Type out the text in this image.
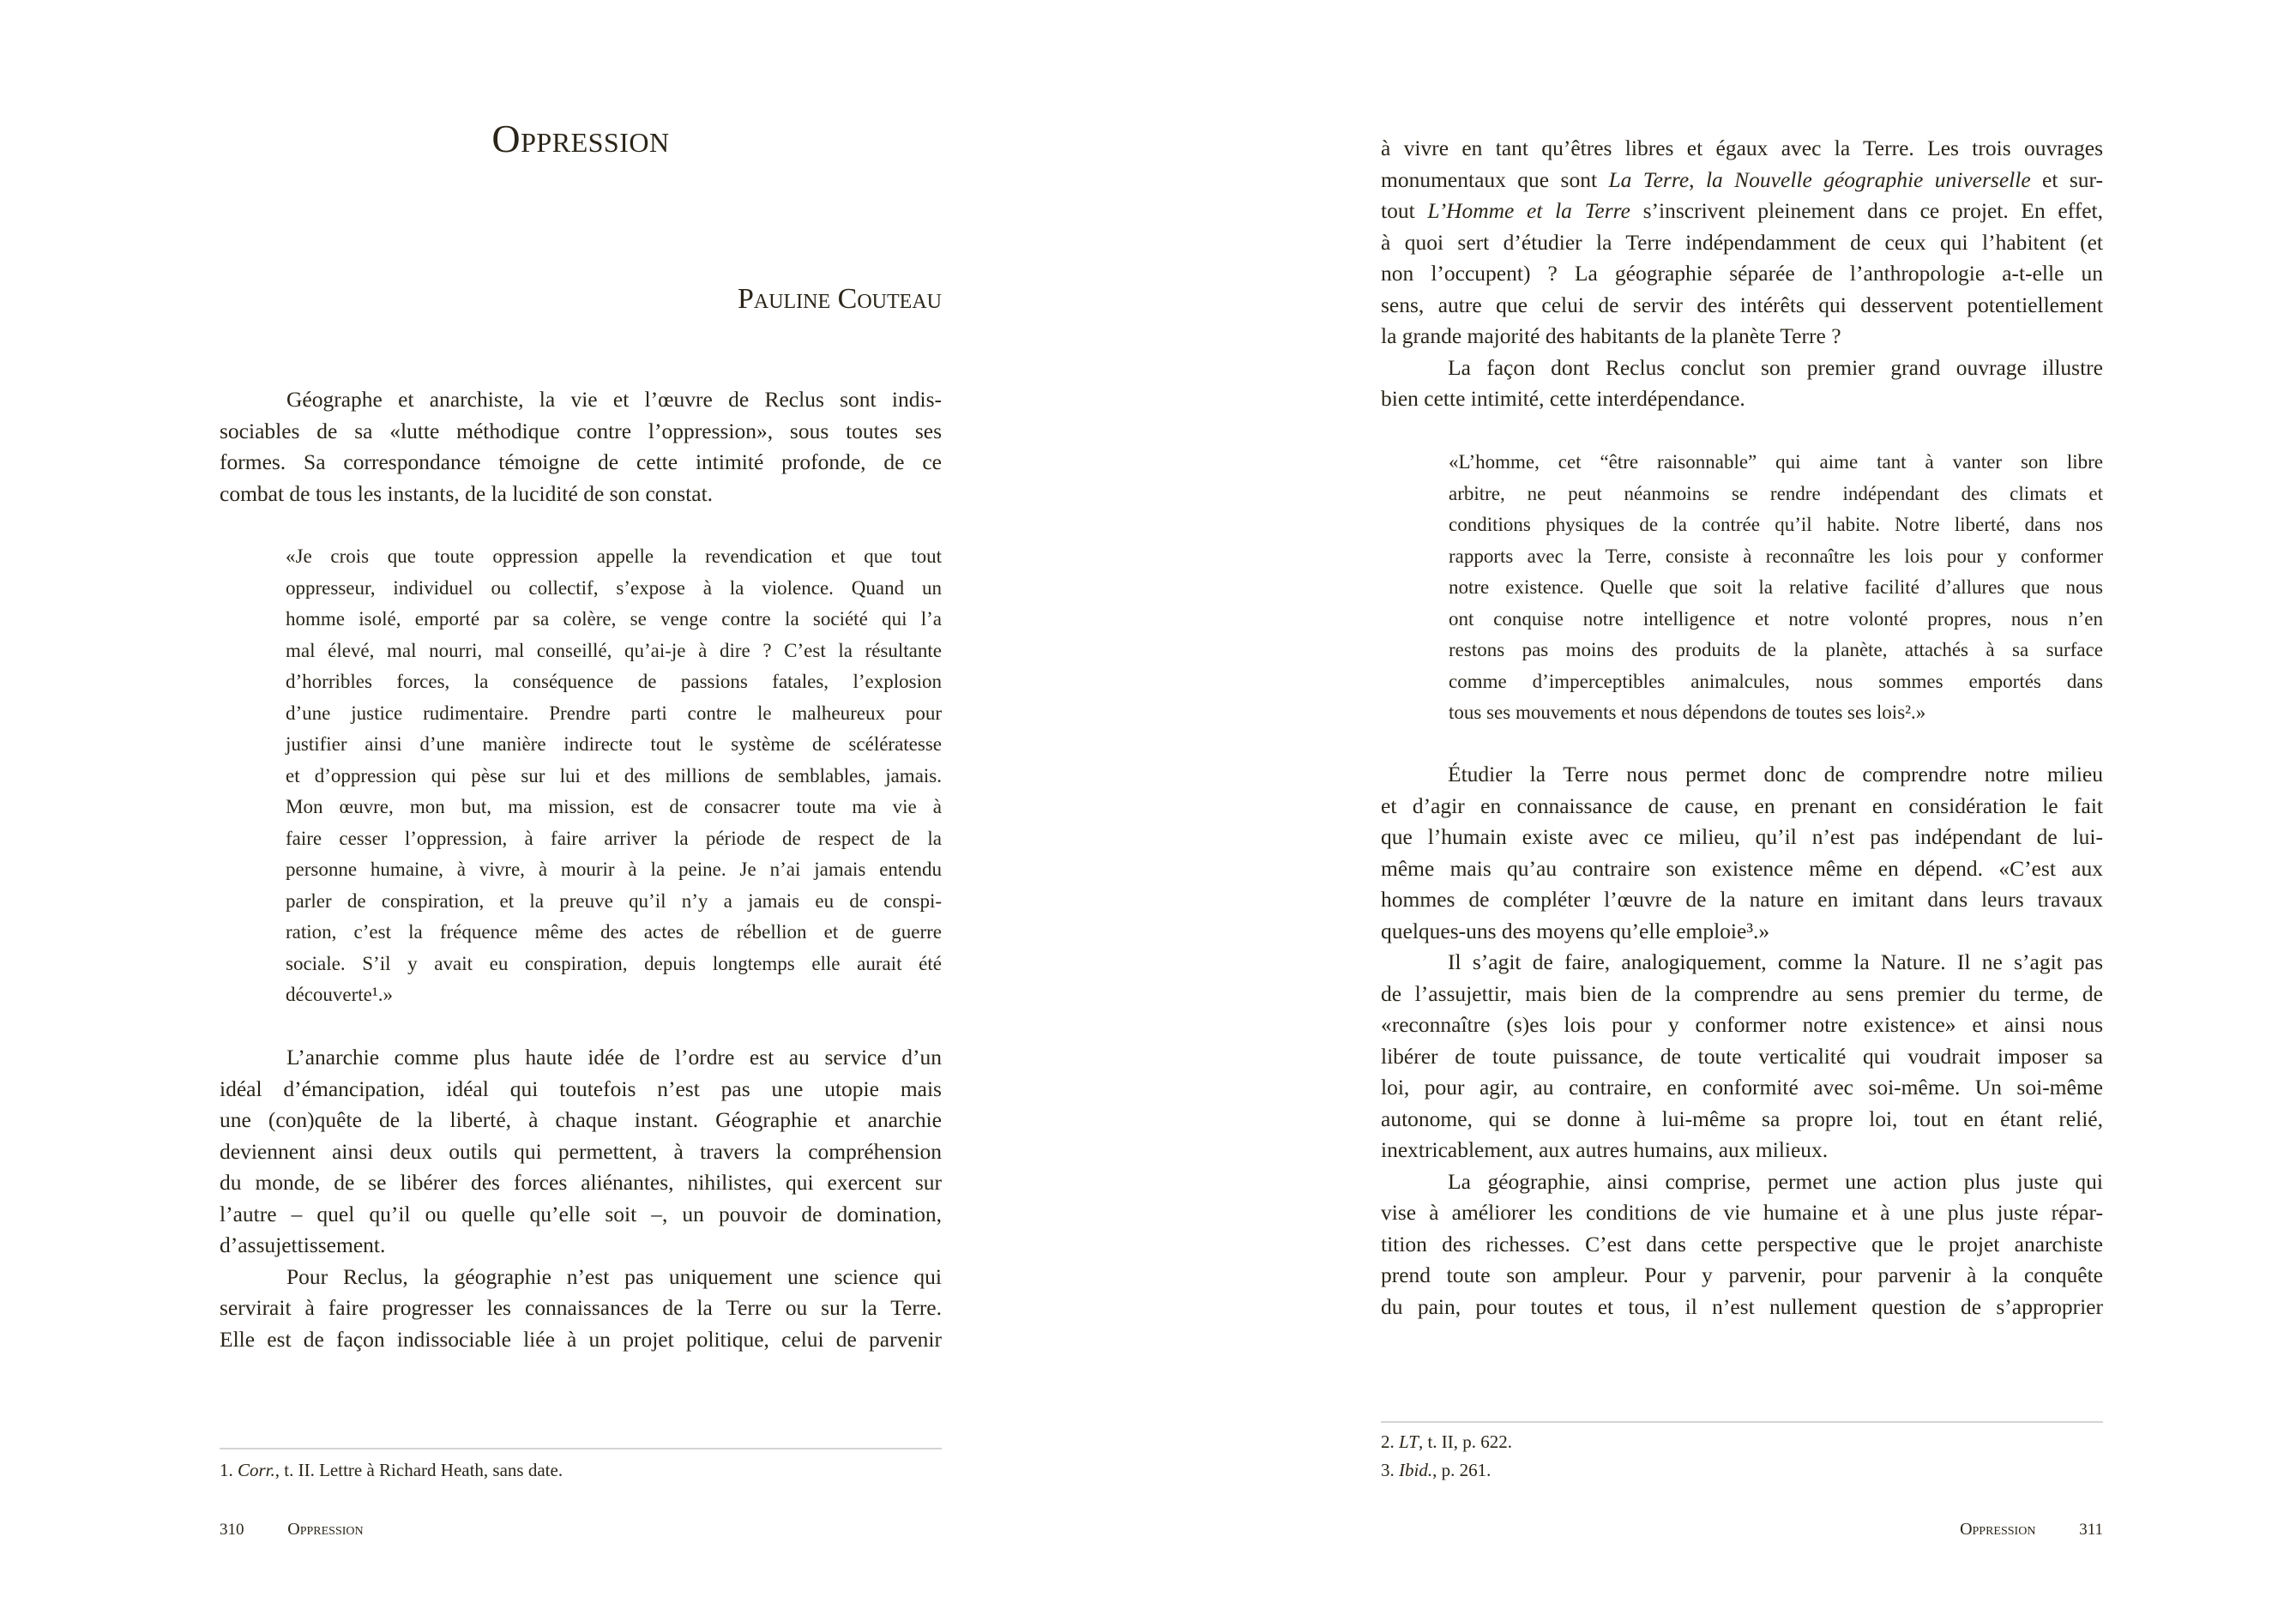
Oppression
Pauline Couteau
310	Oppression
Géographe et anarchiste, la vie et l’œuvre de Reclus sont indis-
sociables de sa «lutte méthodique contre l’oppression», sous toutes ses
formes. Sa correspondance témoigne de cette intimité profonde, de ce
combat de tous les instants, de la lucidité de son constat.
«Je crois que toute oppression appelle la revendication et que tout
oppresseur, individuel ou collectif, s’expose à la violence. Quand un
homme isolé, emporté par sa colère, se venge contre la société qui l’a
mal élevé, mal nourri, mal conseillé, qu’ai-je à dire ? C’est la résultante
d’horribles forces, la conséquence de passions fatales, l’explosion
d’une justice rudimentaire. Prendre parti contre le malheureux pour
justifier ainsi d’une manière indirecte tout le système de scélératesse
et d’oppression qui pèse sur lui et des millions de semblables, jamais.
Mon œuvre, mon but, ma mission, est de consacrer toute ma vie à
faire cesser l’oppression, à faire arriver la période de respect de la
personne humaine, à vivre, à mourir à la peine. Je n’ai jamais entendu
parler de conspiration, et la preuve qu’il n’y a jamais eu de conspi-
ration, c’est la fréquence même des actes de rébellion et de guerre
sociale. S’il y avait eu conspiration, depuis longtemps elle aurait été
découverte¹.»
L’anarchie comme plus haute idée de l’ordre est au service d’un
idéal d’émancipation, idéal qui toutefois n’est pas une utopie mais
une (con)quête de la liberté, à chaque instant. Géographie et anarchie
deviennent ainsi deux outils qui permettent, à travers la compréhension
du monde, de se libérer des forces aliénantes, nihilistes, qui exercent sur
l’autre – quel qu’il ou quelle qu’elle soit –, un pouvoir de domination,
d’assujettissement.
Pour Reclus, la géographie n’est pas uniquement une science qui
servirait à faire progresser les connaissances de la Terre ou sur la Terre.
Elle est de façon indissociable liée à un projet politique, celui de parvenir
1. Corr., t. II. Lettre à Richard Heath, sans date.
Oppression	311
à vivre en tant qu’êtres libres et égaux avec la Terre. Les trois ouvrages
monumentaux que sont La Terre, la Nouvelle géographie universelle et sur-
tout L’Homme et la Terre s’inscrivent pleinement dans ce projet. En effet,
à quoi sert d’étudier la Terre indépendamment de ceux qui l’habitent (et
non l’occupent) ? La géographie séparée de l’anthropologie a-t-elle un
sens, autre que celui de servir des intérêts qui desservent potentiellement
la grande majorité des habitants de la planète Terre ?
La façon dont Reclus conclut son premier grand ouvrage illustre
bien cette intimité, cette interdépendance.
«L’homme, cet “être raisonnable” qui aime tant à vanter son libre
arbitre, ne peut néanmoins se rendre indépendant des climats et
conditions physiques de la contrée qu’il habite. Notre liberté, dans nos
rapports avec la Terre, consiste à reconnaître les lois pour y conformer
notre existence. Quelle que soit la relative facilité d’allures que nous
ont conquise notre intelligence et notre volonté propres, nous n’en
restons pas moins des produits de la planète, attachés à sa surface
comme d’imperceptibles animalcules, nous sommes emportés dans
tous ses mouvements et nous dépendons de toutes ses lois².»
Étudier la Terre nous permet donc de comprendre notre milieu
et d’agir en connaissance de cause, en prenant en considération le fait
que l’humain existe avec ce milieu, qu’il n’est pas indépendant de lui-
même mais qu’au contraire son existence même en dépend. «C’est aux
hommes de compléter l’œuvre de la nature en imitant dans leurs travaux
quelques-uns des moyens qu’elle emploie³.»
Il s’agit de faire, analogiquement, comme la Nature. Il ne s’agit pas
de l’assujettir, mais bien de la comprendre au sens premier du terme, de
«reconnaître (s)es lois pour y conformer notre existence» et ainsi nous
libérer de toute puissance, de toute verticalité qui voudrait imposer sa
loi, pour agir, au contraire, en conformité avec soi-même. Un soi-même
autonome, qui se donne à lui-même sa propre loi, tout en étant relié,
inextricablement, aux autres humains, aux milieux.
La géographie, ainsi comprise, permet une action plus juste qui
vise à améliorer les conditions de vie humaine et à une plus juste répar-
tition des richesses. C’est dans cette perspective que le projet anarchiste
prend toute son ampleur. Pour y parvenir, pour parvenir à la conquête
du pain, pour toutes et tous, il n’est nullement question de s’approprier
2. LT, t. II, p. 622.
3. Ibid., p. 261.
